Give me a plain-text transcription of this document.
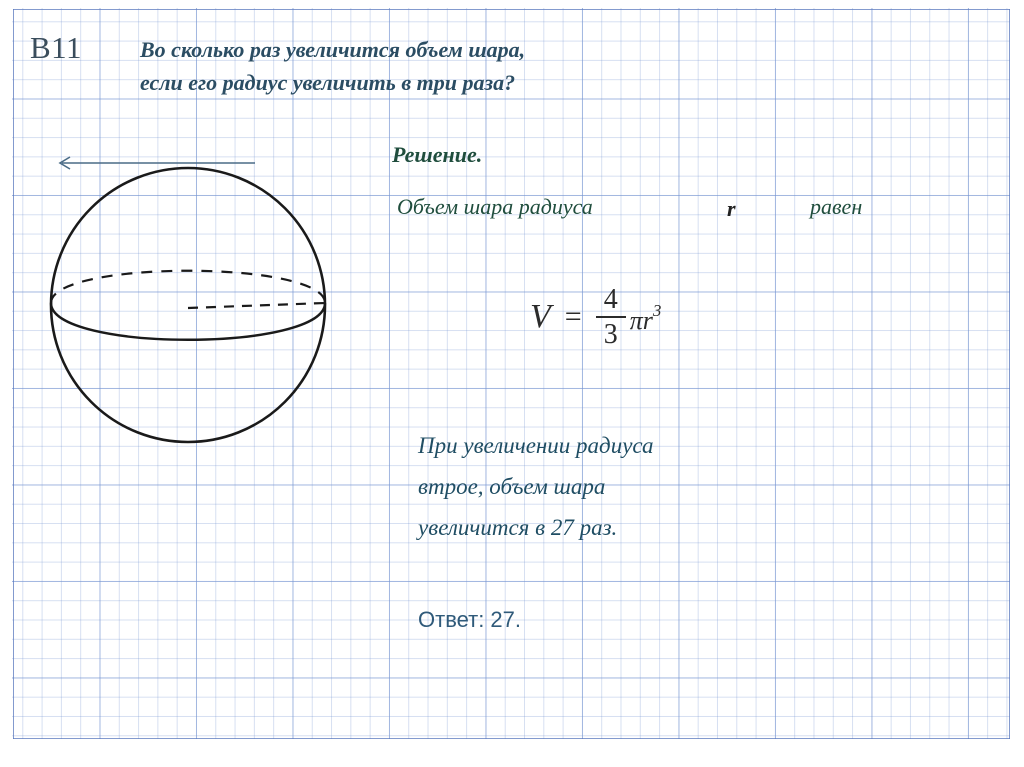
B11	Во сколько раз увеличится объем шара,
если его радиус увеличить в три раза?
Решение.
Объем шара радиуса	r	равен
$V = \frac{4}{3}$ πr 3
При увеличении радиуса
втрое, объем шара
увеличится в 27 раз.
Ответ: 27.
